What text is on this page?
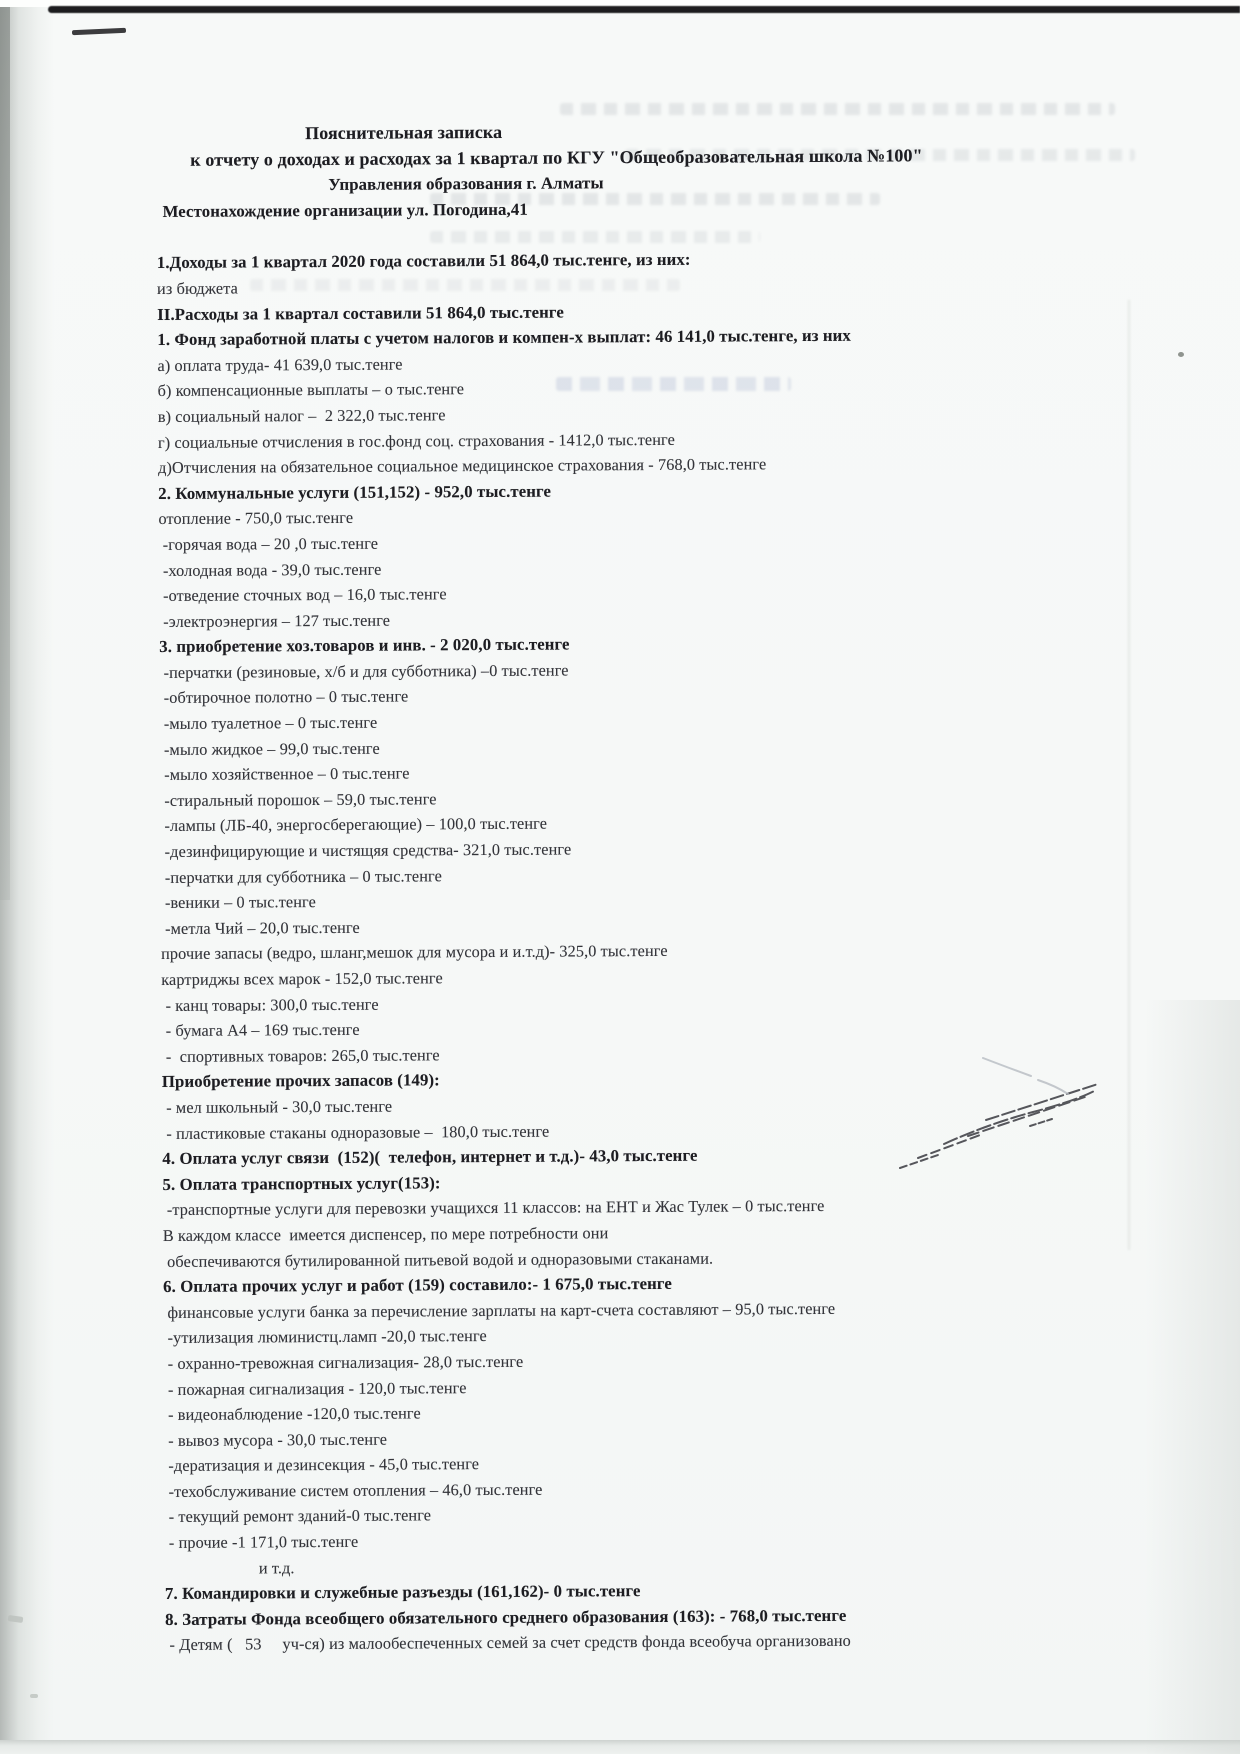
Пояснительная записка
к отчету о доходах и расходах за 1 квартал по КГУ "Общеобразовательная школа №100"
Управления образования г. Алматы
Местонахождение организации ул. Погодина,41
1.Доходы за 1 квартал 2020 года составили 51 864,0 тыс.тенге, из них:
из бюджета
II.Расходы за 1 квартал составили 51 864,0 тыс.тенге
1. Фонд заработной платы с учетом налогов и компен-х выплат: 46 141,0 тыс.тенге, из них
а) оплата труда- 41 639,0 тыс.тенге
б) компенсационные выплаты – о тыс.тенге
в) социальный налог –  2 322,0 тыс.тенге
г) социальные отчисления в гос.фонд соц. страхования - 1412,0 тыс.тенге
д)Отчисления на обязательное социальное медицинское страхования - 768,0 тыс.тенге
2. Коммунальные услуги (151,152) - 952,0 тыс.тенге
отопление - 750,0 тыс.тенге
-горячая вода – 20 ,0 тыс.тенге
-холодная вода - 39,0 тыс.тенге
-отведение сточных вод – 16,0 тыс.тенге
-электроэнергия – 127 тыс.тенге
3. приобретение хоз.товаров и инв. - 2 020,0 тыс.тенге
-перчатки (резиновые, х/б и для субботника) –0 тыс.тенге
-обтирочное полотно – 0 тыс.тенге
-мыло туалетное – 0 тыс.тенге
-мыло жидкое – 99,0 тыс.тенге
-мыло хозяйственное – 0 тыс.тенге
-стиральный порошок – 59,0 тыс.тенге
-лампы (ЛБ-40, энергосберегающие) – 100,0 тыс.тенге
-дезинфицирующие и чистящяя средства- 321,0 тыс.тенге
-перчатки для субботника – 0 тыс.тенге
-веники – 0 тыс.тенге
-метла Чий – 20,0 тыс.тенге
прочие запасы (ведро, шланг,мешок для мусора и и.т.д)- 325,0 тыс.тенге
картриджы всех марок - 152,0 тыс.тенге
- канц товары: 300,0 тыс.тенге
- бумага А4 – 169 тыс.тенге
-  спортивных товаров: 265,0 тыс.тенге
Приобретение прочих запасов (149):
- мел школьный - 30,0 тыс.тенге
- пластиковые стаканы одноразовые –  180,0 тыс.тенге
4. Оплата услуг связи  (152)(  телефон, интернет и т.д.)- 43,0 тыс.тенге
5. Оплата транспортных услуг(153):
-транспортные услуги для перевозки учащихся 11 классов: на ЕНТ и Жас Тулек – 0 тыс.тенге
В каждом классе  имеется диспенсер, по мере потребности они
обеспечиваются бутилированной питьевой водой и одноразовыми стаканами.
6. Оплата прочих услуг и работ (159) составило:- 1 675,0 тыс.тенге
финансовые услуги банка за перечисление зарплаты на карт-счета составляют – 95,0 тыс.тенге
-утилизация люминистц.ламп -20,0 тыс.тенге
- охранно-тревожная сигнализация- 28,0 тыс.тенге
- пожарная сигнализация - 120,0 тыс.тенге
- видеонаблюдение -120,0 тыс.тенге
- вывоз мусора - 30,0 тыс.тенге
-дератизация и дезинсекция - 45,0 тыс.тенге
-техобслуживание систем отопления – 46,0 тыс.тенге
- текущий ремонт зданий-0 тыс.тенге
- прочие -1 171,0 тыс.тенге
и т.д.
7. Командировки и служебные разъезды (161,162)- 0 тыс.тенге
8. Затраты Фонда всеобщего обязательного среднего образования (163): - 768,0 тыс.тенге
- Детям (   53     уч-ся) из малообеспеченных семей за счет средств фонда всеобуча организовано
